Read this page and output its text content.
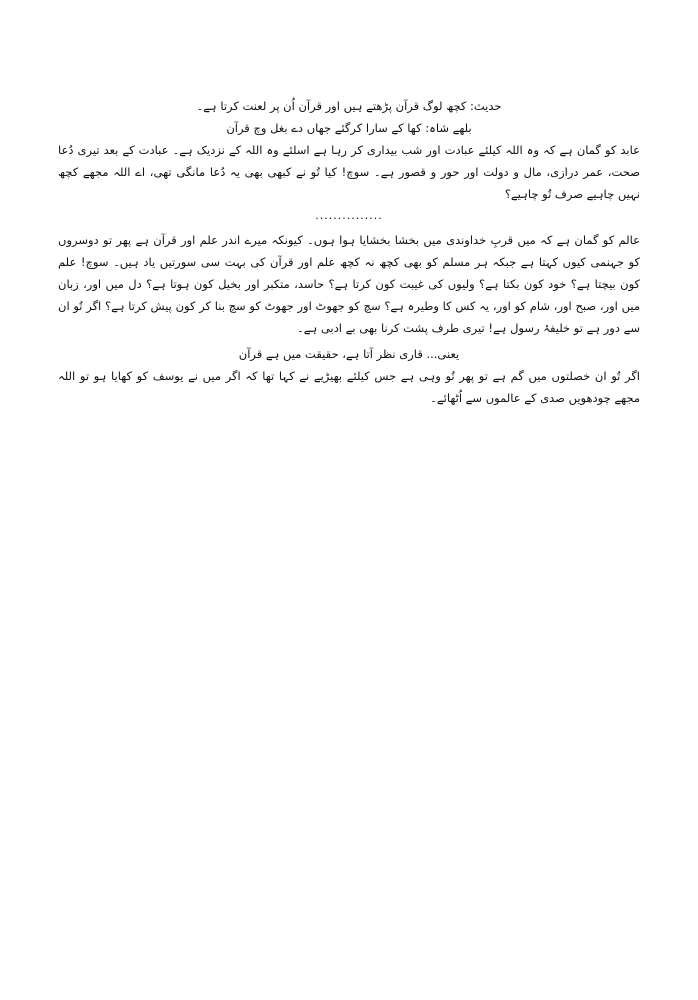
حدیث: کچھ لوگ قرآن پڑھتے ہیں اور قرآن اُن پر لعنت کرتا ہے۔

بلھے شاہ: کھا کے سارا کرگئے جھاں دے بغل وچ قرآن

عابد کو گمان ہے کہ وہ اللہ کیلئے عبادت اور شب بیداری کر رہا ہے اسلئے وہ اللہ کے نزدیک ہے۔ عبادت کے بعد تیری دُعا صحت، عمر درازی، مال و دولت اور حور و قصور ہے۔ سوچ! کیا تُو نے کبھی بھی یہ دُعا مانگی تھی، اے اللہ مجھے کچھ نہیں چاہیے صرف تُو چاہیے؟

...............

عالم کو گمان ہے کہ میں قربِ خداوندی میں بخشا بخشایا ہوا ہوں۔ کیونکہ میرے اندر علم اور قرآن ہے پھر تو دوسروں کو جہنمی کیوں کہتا ہے جبکہ ہر مسلم کو بھی کچھ نہ کچھ علم اور قرآن کی بہت سی سورتیں یاد ہیں۔ سوچ! علم کون بیچتا ہے؟ خود کون بکتا ہے؟ ولیوں کی غیبت کون کرتا ہے؟ حاسد، متکبر اور بخیل کون ہوتا ہے؟ دل میں اور، زبان میں اور، صبح اور، شام کو اور، یہ کس کا وطیرہ ہے؟ سچ کو جھوٹ اور جھوٹ کو سچ بنا کر کون پیش کرتا ہے؟ اگر تُو ان سے دور ہے تو خلیفۂ رسول ہے! تیری طرف پشت کرنا بھی بے ادبی ہے۔

یعنی... قاری نظر آتا ہے، حقیقت میں ہے قرآن

اگر تُو ان خصلتوں میں گم ہے تو پھر تُو وہی ہے جس کیلئے بھیڑیے نے کہا تھا کہ اگر میں نے یوسف کو کھایا ہو تو اللہ مجھے چودھویں صدی کے عالموں سے اُٹھائے۔
